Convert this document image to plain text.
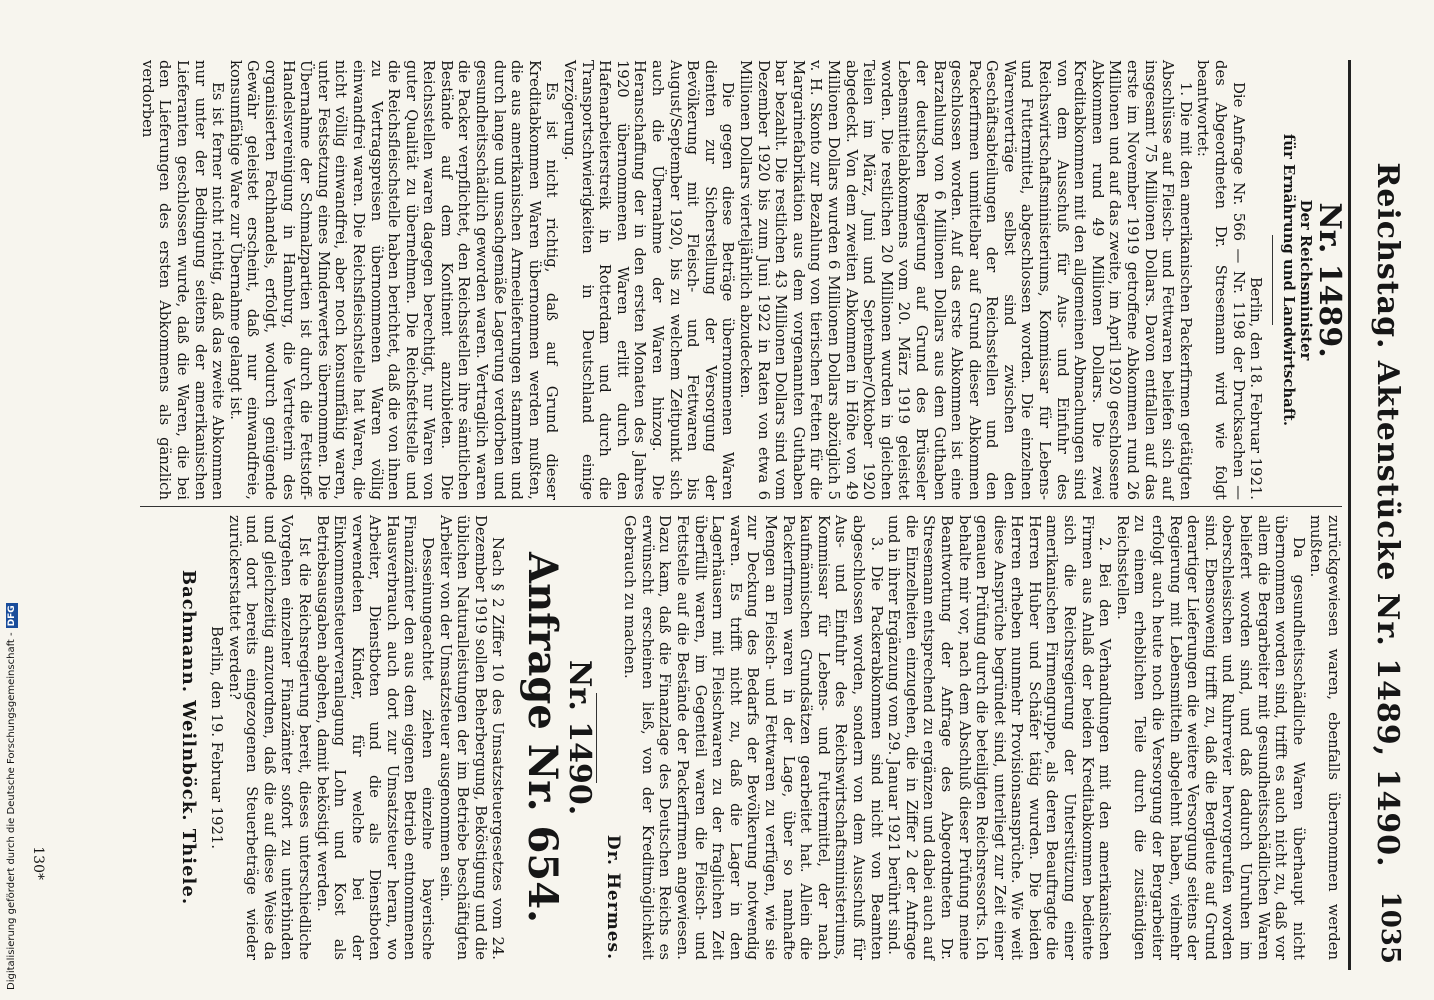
Reichstag. Aktenstücke Nr. 1489, 1490.
1035

Nr. 1489.

Der Reichsminister

für Ernährung und Landwirtschaft.

Berlin, den 18. Februar 1921.

Die Anfrage Nr. 566 — Nr. 1198 der Drucksachen — des Abgeordneten Dr. Stresemann wird wie folgt beantwortet:

1. Die mit den amerikanischen Packerfirmen getätigten Abschlüsse auf Fleisch- und Fettwaren beliefen sich auf insgesamt 75 Millionen Dollars. Davon entfallen auf das erste im November 1919 getroffene Abkommen rund 26 Millionen und auf das zweite, im April 1920 geschlossene Abkommen rund 49 Millionen Dollars. Die zwei Kreditabkommen mit den allgemeinen Abmachungen sind von dem Ausschuß für Aus- und Einfuhr des Reichswirtschaftsministeriums, Kommissar für Lebens- und Futtermittel, abgeschlossen worden. Die einzelnen Warenverträge selbst sind zwischen den Geschäftsabteilungen der Reichsstellen und den Packerfirmen unmittelbar auf Grund dieser Abkommen geschlossen worden. Auf das erste Abkommen ist eine Barzahlung von 6 Millionen Dollars aus dem Guthaben der deutschen Regierung auf Grund des Brüsseler Lebensmittelabkommens vom 20. März 1919 geleistet worden. Die restlichen 20 Millionen wurden in gleichen Teilen im März, Juni und September/Oktober 1920 abgedeckt. Von dem zweiten Abkommen in Höhe von 49 Millionen Dollars wurden 6 Millionen Dollars abzüglich 5 v. H. Skonto zur Bezahlung von tierischen Fetten für die Margarinefabrikation aus dem vorgenannten Guthaben bar bezahlt. Die restlichen 43 Millionen Dollars sind vom Dezember 1920 bis zum Juni 1922 in Raten von etwa 6 Millionen Dollars vierteljährlich abzudecken.

Die gegen diese Beträge übernommenen Waren dienten zur Sicherstellung der Versorgung der Bevölkerung mit Fleisch- und Fettwaren bis August/September 1920, bis zu welchem Zeitpunkt sich auch die Übernahme der Waren hinzog. Die Heranschaffung der in den ersten Monaten des Jahres 1920 übernommenen Waren erlitt durch den Hafenarbeiterstreik in Rotterdam und durch die Transportschwierigkeiten in Deutschland einige Verzögerung.

Es ist nicht richtig, daß auf Grund dieser Kreditabkommen Waren übernommen werden mußten, die aus amerikanischen Armeelieferungen stammten und durch lange und unsachgemäße Lagerung verdorben und gesundheitsschädlich geworden waren. Vertraglich waren die Packer verpflichtet, den Reichsstellen ihre sämtlichen Bestände auf dem Kontinent anzubieten. Die Reichsstellen waren dagegen berechtigt, nur Waren von guter Qualität zu übernehmen. Die Reichsfettstelle und die Reichsfleischstelle haben berichtet, daß die von ihnen zu Vertragspreisen übernommenen Waren völlig einwandfrei waren. Die Reichsfleischstelle hat Waren, die nicht völlig einwandfrei, aber noch konsumfähig waren, unter Festsetzung eines Minderwertes übernommen. Die Übernahme der Schmalzpartien ist durch die Fettstoff-Handelsvereinigung in Hamburg, die Vertreterin des organisierten Fachhandels, erfolgt, wodurch genügende Gewähr geleistet erscheint, daß nur einwandfreie, konsumfähige Ware zur Übernahme gelangt ist.

Es ist ferner nicht richtig, daß das zweite Abkommen nur unter der Bedingung seitens der amerikanischen Lieferanten geschlossen wurde, daß die Waren, die bei den Lieferungen des ersten Abkommens als gänzlich verdorben

zurückgewiesen waren, ebenfalls übernommen werden mußten.

Da gesundheitsschädliche Waren überhaupt nicht übernommen worden sind, trifft es auch nicht zu, daß vor allem die Bergarbeiter mit gesundheitsschädlichen Waren beliefert worden sind, und daß dadurch Unruhen im oberschlesischen und Ruhrrevier hervorgerufen worden sind. Ebensowenig trifft zu, daß die Bergleute auf Grund derartiger Lieferungen die weitere Versorgung seitens der Regierung mit Lebensmitteln abgelehnt haben, vielmehr erfolgt auch heute noch die Versorgung der Bergarbeiter zu einem erheblichen Teile durch die zuständigen Reichsstellen.

2. Bei den Verhandlungen mit den amerikanischen Firmen aus Anlaß der beiden Kreditabkommen bediente sich die Reichsregierung der Unterstützung einer amerikanischen Firmengruppe, als deren Beauftragte die Herren Huber und Schäfer tätig wurden. Die beiden Herren erheben nunmehr Provisionsansprüche. Wie weit diese Ansprüche begründet sind, unterliegt zur Zeit einer genauen Prüfung durch die beteiligten Reichsressorts. Ich behalte mir vor, nach dem Abschluß dieser Prüfung meine Beantwortung der Anfrage des Abgeordneten Dr. Stresemann entsprechend zu ergänzen und dabei auch auf die Einzelheiten einzugehen, die in Ziffer 2 der Anfrage und in ihrer Ergänzung vom 29. Januar 1921 berührt sind.

3. Die Packerabkommen sind nicht von Beamten abgeschlossen worden, sondern von dem Ausschuß für Aus- und Einfuhr des Reichswirtschaftsministeriums, Kommissar für Lebens- und Futtermittel, der nach kaufmännischen Grundsätzen gearbeitet hat. Allein die Packerfirmen waren in der Lage, über so namhafte Mengen an Fleisch- und Fettwaren zu verfügen, wie sie zur Deckung des Bedarfs der Bevölkerung notwendig waren. Es trifft nicht zu, daß die Lager in den Lagerhäusern mit Fleischwaren zu der fraglichen Zeit überfüllt waren, im Gegenteil waren die Fleisch- und Fettstelle auf die Bestände der Packerfirmen angewiesen. Dazu kam, daß die Finanzlage des Deutschen Reichs es erwünscht erscheinen ließ, von der Kreditmöglichkeit Gebrauch zu machen.

Dr. Hermes.

Nr. 1490.

Anfrage Nr. 654.

Nach § 2 Ziffer 10 des Umsatzsteuergesetzes vom 24. Dezember 1919 sollen Beherbergung, Beköstigung und die üblichen Naturalleistungen der im Betriebe beschäftigten Arbeiter von der Umsatzsteuer ausgenommen sein.

Desseinungeachtet ziehen einzelne bayerische Finanzämter den aus dem eigenen Betrieb entnommenen Hausverbrauch auch dort zur Umsatzsteuer heran, wo Arbeiter, Dienstboten und die als Dienstboten verwendeten Kinder, für welche bei der Einkommensteuerveranlagung Lohn und Kost als Betriebsausgaben abgehen, damit beköstigt werden.

Ist die Reichsregierung bereit, dieses unterschiedliche Vorgehen einzelner Finanzämter sofort zu unterbinden und gleichzeitig anzuordnen, daß die auf diese Weise da und dort bereits eingezogenen Steuerbeträge wieder zurückerstattet werden?

Berlin, den 19. Februar 1921.

Bachmann. Weilnböck. Thiele.

130*
Digitalisierung gefördert durch die Deutsche Forschungsgemeinschaft -DFG
